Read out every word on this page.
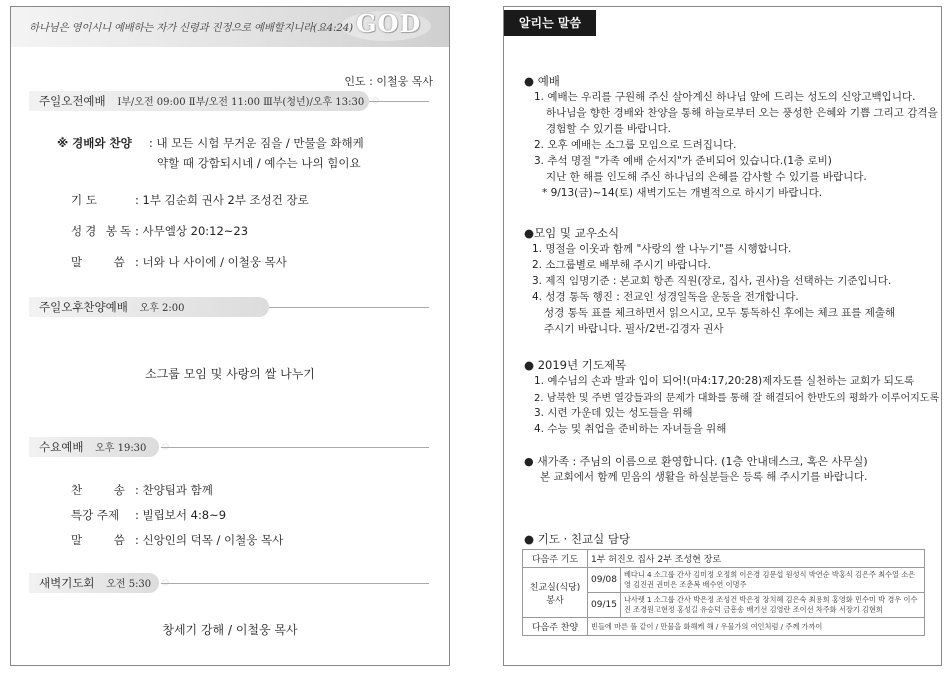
하나님은 영이시니 예배하는 자가 신령과 진정으로 예배할지니라(요4:24) GOD
인도 : 이철웅 목사
주일오전예배 Ⅰ부/오전 09:00 Ⅱ부/오전 11:00 Ⅲ부(청년)/오후 13:30
※ 경배와 찬양 : 내 모든 시험 무거운 짐을 / 만물을 화해케
약할 때 강함되시네 / 예수는 나의 힘이요
기 도	: 1부 김순희 권사 2부 조성건 장로
성경 봉독: 사무엘상 20:12~23
말 씀 : 너와 나 사이에 / 이철웅 목사
주일오후찬양예배 오후 2:00
소그룹 모임 및 사랑의 쌀 나누기
수요예배 오후 19:30
찬 송 : 찬양팀과 함께
특강 주제 : 빌립보서 4:8~9
말 씀 : 신앙인의 덕목 / 이철웅 목사
새벽기도회 오전 5:30
창세기 강해 / 이철웅 목사
알리는 말씀
● 예배
1. 예배는 우리를 구원해 주신 살아계신 하나님 앞에 드리는 성도의 신앙고백입니다.
하나님을 향한 경배와 찬양을 통해 하늘로부터 오는 풍성한 은혜와 기쁨 그리고 감격을
경험할 수 있기를 바랍니다.
2. 오후 예배는 소그룹 모임으로 드려집니다.
3. 추석 명절 "가족 예배 순서지"가 준비되어 있습니다.(1층 로비)
지난 한 해를 인도해 주신 하나님의 은혜를 감사할 수 있기를 바랍니다.
* 9/13(금)~14(토) 새벽기도는 개별적으로 하시기 바랍니다.
●모임 및 교우소식
1. 명절을 이웃과 함께 "사랑의 쌀 나누기"를 시행합니다.
2. 소그룹별로 배부해 주시기 바랍니다.
3. 제직 임명기준 : 본교회 항존 직원(장로, 집사, 권사)을 선택하는 기준입니다.
4. 성경 통독 행진 : 전교인 성경일독을 운동을 전개합니다.
성경 통독 표를 체크하면서 읽으시고, 모두 통독하신 후에는 체크 표를 제출해
주시기 바랍니다. 필사/2번-김경자 권사
● 2019년 기도제목
1. 예수님의 손과 발과 입이 되어!(마4:17,20:28)제자도를 실천하는 교회가 되도록
2. 남북한 및 주변 열강들과의 문제가 대화를 통해 잘 해결되어 한반도의 평화가 이루어지도록
3. 시련 가운데 있는 성도들을 위해
4. 수능 및 취업을 준비하는 자녀들을 위해
● 새가족 : 주님의 이름으로 환영합니다. (1층 안내데스크, 혹은 사무실)
본 교회에서 함께 믿음의 생활을 하실분들은 등록 해 주시기를 바랍니다.
● 기도 · 친교실 담당
다음주 기도	1부 허진오 집사 2부 조성현 장로	
친교실(식당) 봉사	09/08	베다니 4 소그룹 간사 김미정 오정희 이은경 김문섭 원성식 박연순 박홍식 김은주 최수열 소은영 김진권 권미은 조춘복 배수연 이명주
	09/15	나사렛 1 소그룹 간사 박은정 조성건 박은정 장치혜 김은숙 최용희 홍영화 민수미 박 경우 이수진 조경원고현정 홍성길 유승덕 금흥송 배기선 김영란 조이선 차주화 서장기 김현희
다음주 찬양	빈들에 마른 풀 같이 / 만물을 화해케 해 / 우물가의 여인처럼 / 주께 가까이	
